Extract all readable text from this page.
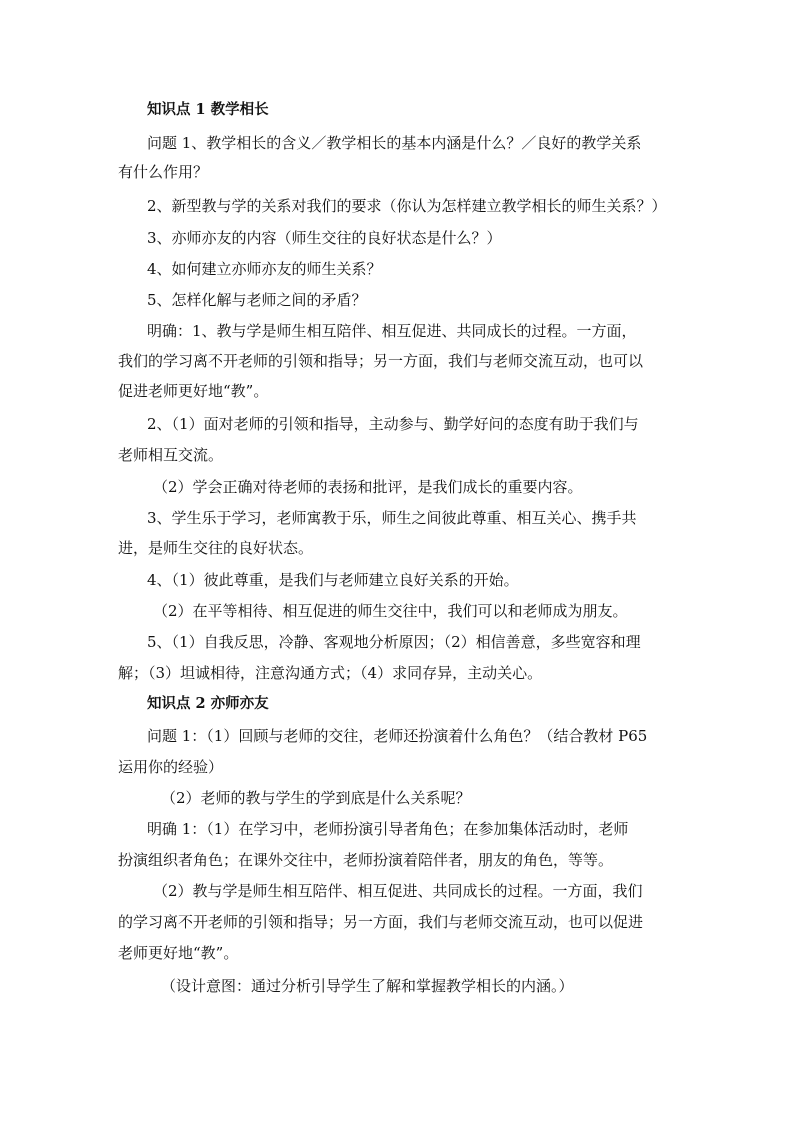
知识点 1 教学相长

问题 1、教学相长的含义／教学相长的基本内涵是什么？／良好的教学关系

有什么作用？

2、新型教与学的关系对我们的要求（你认为怎样建立教学相长的师生关系？）

3、亦师亦友的内容（师生交往的良好状态是什么？）

4、如何建立亦师亦友的师生关系？

5、怎样化解与老师之间的矛盾？

明确：1、教与学是师生相互陪伴、相互促进、共同成长的过程。一方面，

我们的学习离不开老师的引领和指导；另一方面，我们与老师交流互动，也可以

促进老师更好地“教”。

2、（1）面对老师的引领和指导，主动参与、勤学好问的态度有助于我们与

老师相互交流。

（2）学会正确对待老师的表扬和批评，是我们成长的重要内容。

3、学生乐于学习，老师寓教于乐，师生之间彼此尊重、相互关心、携手共

进，是师生交往的良好状态。

4、（1）彼此尊重，是我们与老师建立良好关系的开始。

（2）在平等相待、相互促进的师生交往中，我们可以和老师成为朋友。

5、（1）自我反思，冷静、客观地分析原因；（2）相信善意，多些宽容和理

解；（3）坦诚相待，注意沟通方式；（4）求同存异，主动关心。

知识点 2 亦师亦友

问题 1：（1）回顾与老师的交往，老师还扮演着什么角色？（结合教材 P65

运用你的经验）

（2）老师的教与学生的学到底是什么关系呢？

明确 1：（1）在学习中，老师扮演引导者角色；在参加集体活动时，老师

扮演组织者角色；在课外交往中，老师扮演着陪伴者，朋友的角色，等等。

（2）教与学是师生相互陪伴、相互促进、共同成长的过程。一方面，我们

的学习离不开老师的引领和指导；另一方面，我们与老师交流互动，也可以促进

老师更好地“教”。

（设计意图：通过分析引导学生了解和掌握教学相长的内涵。）
